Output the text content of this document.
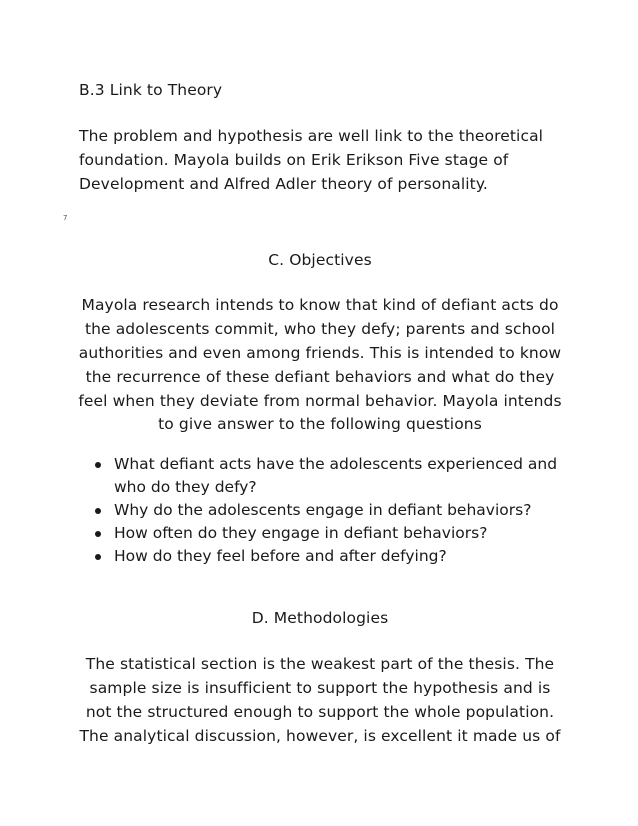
B.3 Link to Theory
The problem and hypothesis are well link to the theoretical
foundation. Mayola builds on Erik Erikson Five stage of
Development and Alfred Adler theory of personality.
7
C. Objectives
Mayola research intends to know that kind of defiant acts do
the adolescents commit, who they defy; parents and school
authorities and even among friends. This is intended to know
the recurrence of these defiant behaviors and what do they
feel when they deviate from normal behavior. Mayola intends
to give answer to the following questions
What defiant acts have the adolescents experienced and
who do they defy?
Why do the adolescents engage in defiant behaviors?
How often do they engage in defiant behaviors?
How do they feel before and after defying?
D. Methodologies
The statistical section is the weakest part of the thesis. The
sample size is insufficient to support the hypothesis and is
not the structured enough to support the whole population.
The analytical discussion, however, is excellent it made us of
